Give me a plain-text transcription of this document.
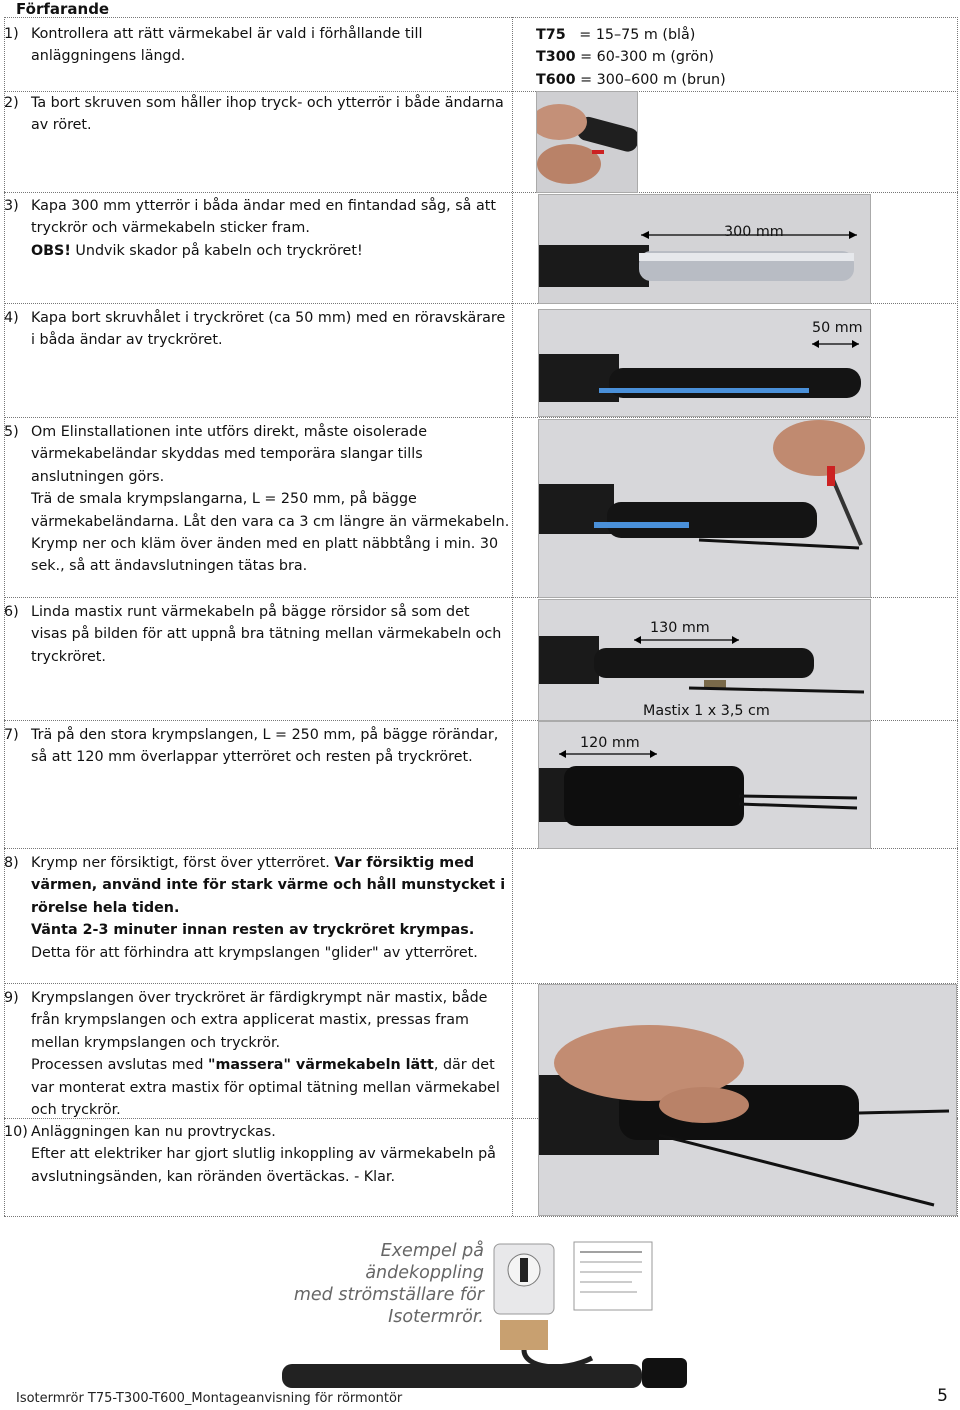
Förfarande
1) Kontrollera att rätt värmekabel är vald i förhållande till anläggningens längd.
T75 = 15–75 m (blå)
T300 = 60-300 m (grön)
T600 = 300–600 m (brun)
2) Ta bort skruven som håller ihop tryck- och ytterrör i både ändarna av röret.
3) Kapa 300 mm ytterrör i båda ändar med en fintandad såg, så att tryckrör och värmekabeln sticker fram.

OBS! Undvik skador på kabeln och tryckröret!

300 mm
4) Kapa bort skruvhålet i tryckröret (ca 50 mm) med en röravskärare i båda ändar av tryckröret.
50 mm
5) Om Elinstallationen inte utförs direkt, måste oisolerade värmekabeländar skyddas med temporära slangar tills anslutningen görs.

Trä de smala krympslangarna, L = 250 mm, på bägge värmekabeländarna. Låt den vara ca 3 cm längre än värmekabeln.

Krymp ner och kläm över änden med en platt näbbtång i min. 30 sek., så att ändavslutningen tätas bra.

6) Linda mastix runt värmekabeln på bägge rörsidor så som det visas på bilden för att uppnå bra tätning mellan värmekabeln och tryckröret.
130 mm
Mastix 1 x 3,5 cm
7) Trä på den stora krympslangen, L = 250 mm, på bägge rörändar, så att 120 mm överlappar ytterröret och resten på tryckröret.
120 mm
8) Krymp ner försiktigt, först över ytterröret. Var försiktig med värmen, använd inte för stark värme och håll munstycket i rörelse hela tiden.

Vänta 2-3 minuter innan resten av tryckröret krympas. Detta för att förhindra att krympslangen "glider" av ytterröret.

9) Krympslangen över tryckröret är färdigkrympt när mastix, både från krympslangen och extra applicerat mastix, pressas fram mellan krympslangen och tryckrör.

Processen avslutas med "massera" värmekabeln lätt, där det var monterat extra mastix för optimal tätning mellan värmekabel och tryckrör.

10) Anläggningen kan nu provtryckas.

Efter att elektriker har gjort slutlig inkoppling av värmekabeln på avslutningsänden, kan röränden övertäckas. - Klar.

Exempel på ändekoppling
med strömställare för
Isotermrör.
Isotermrör T75-T300-T600_Montageanvisning för rörmontör	5
